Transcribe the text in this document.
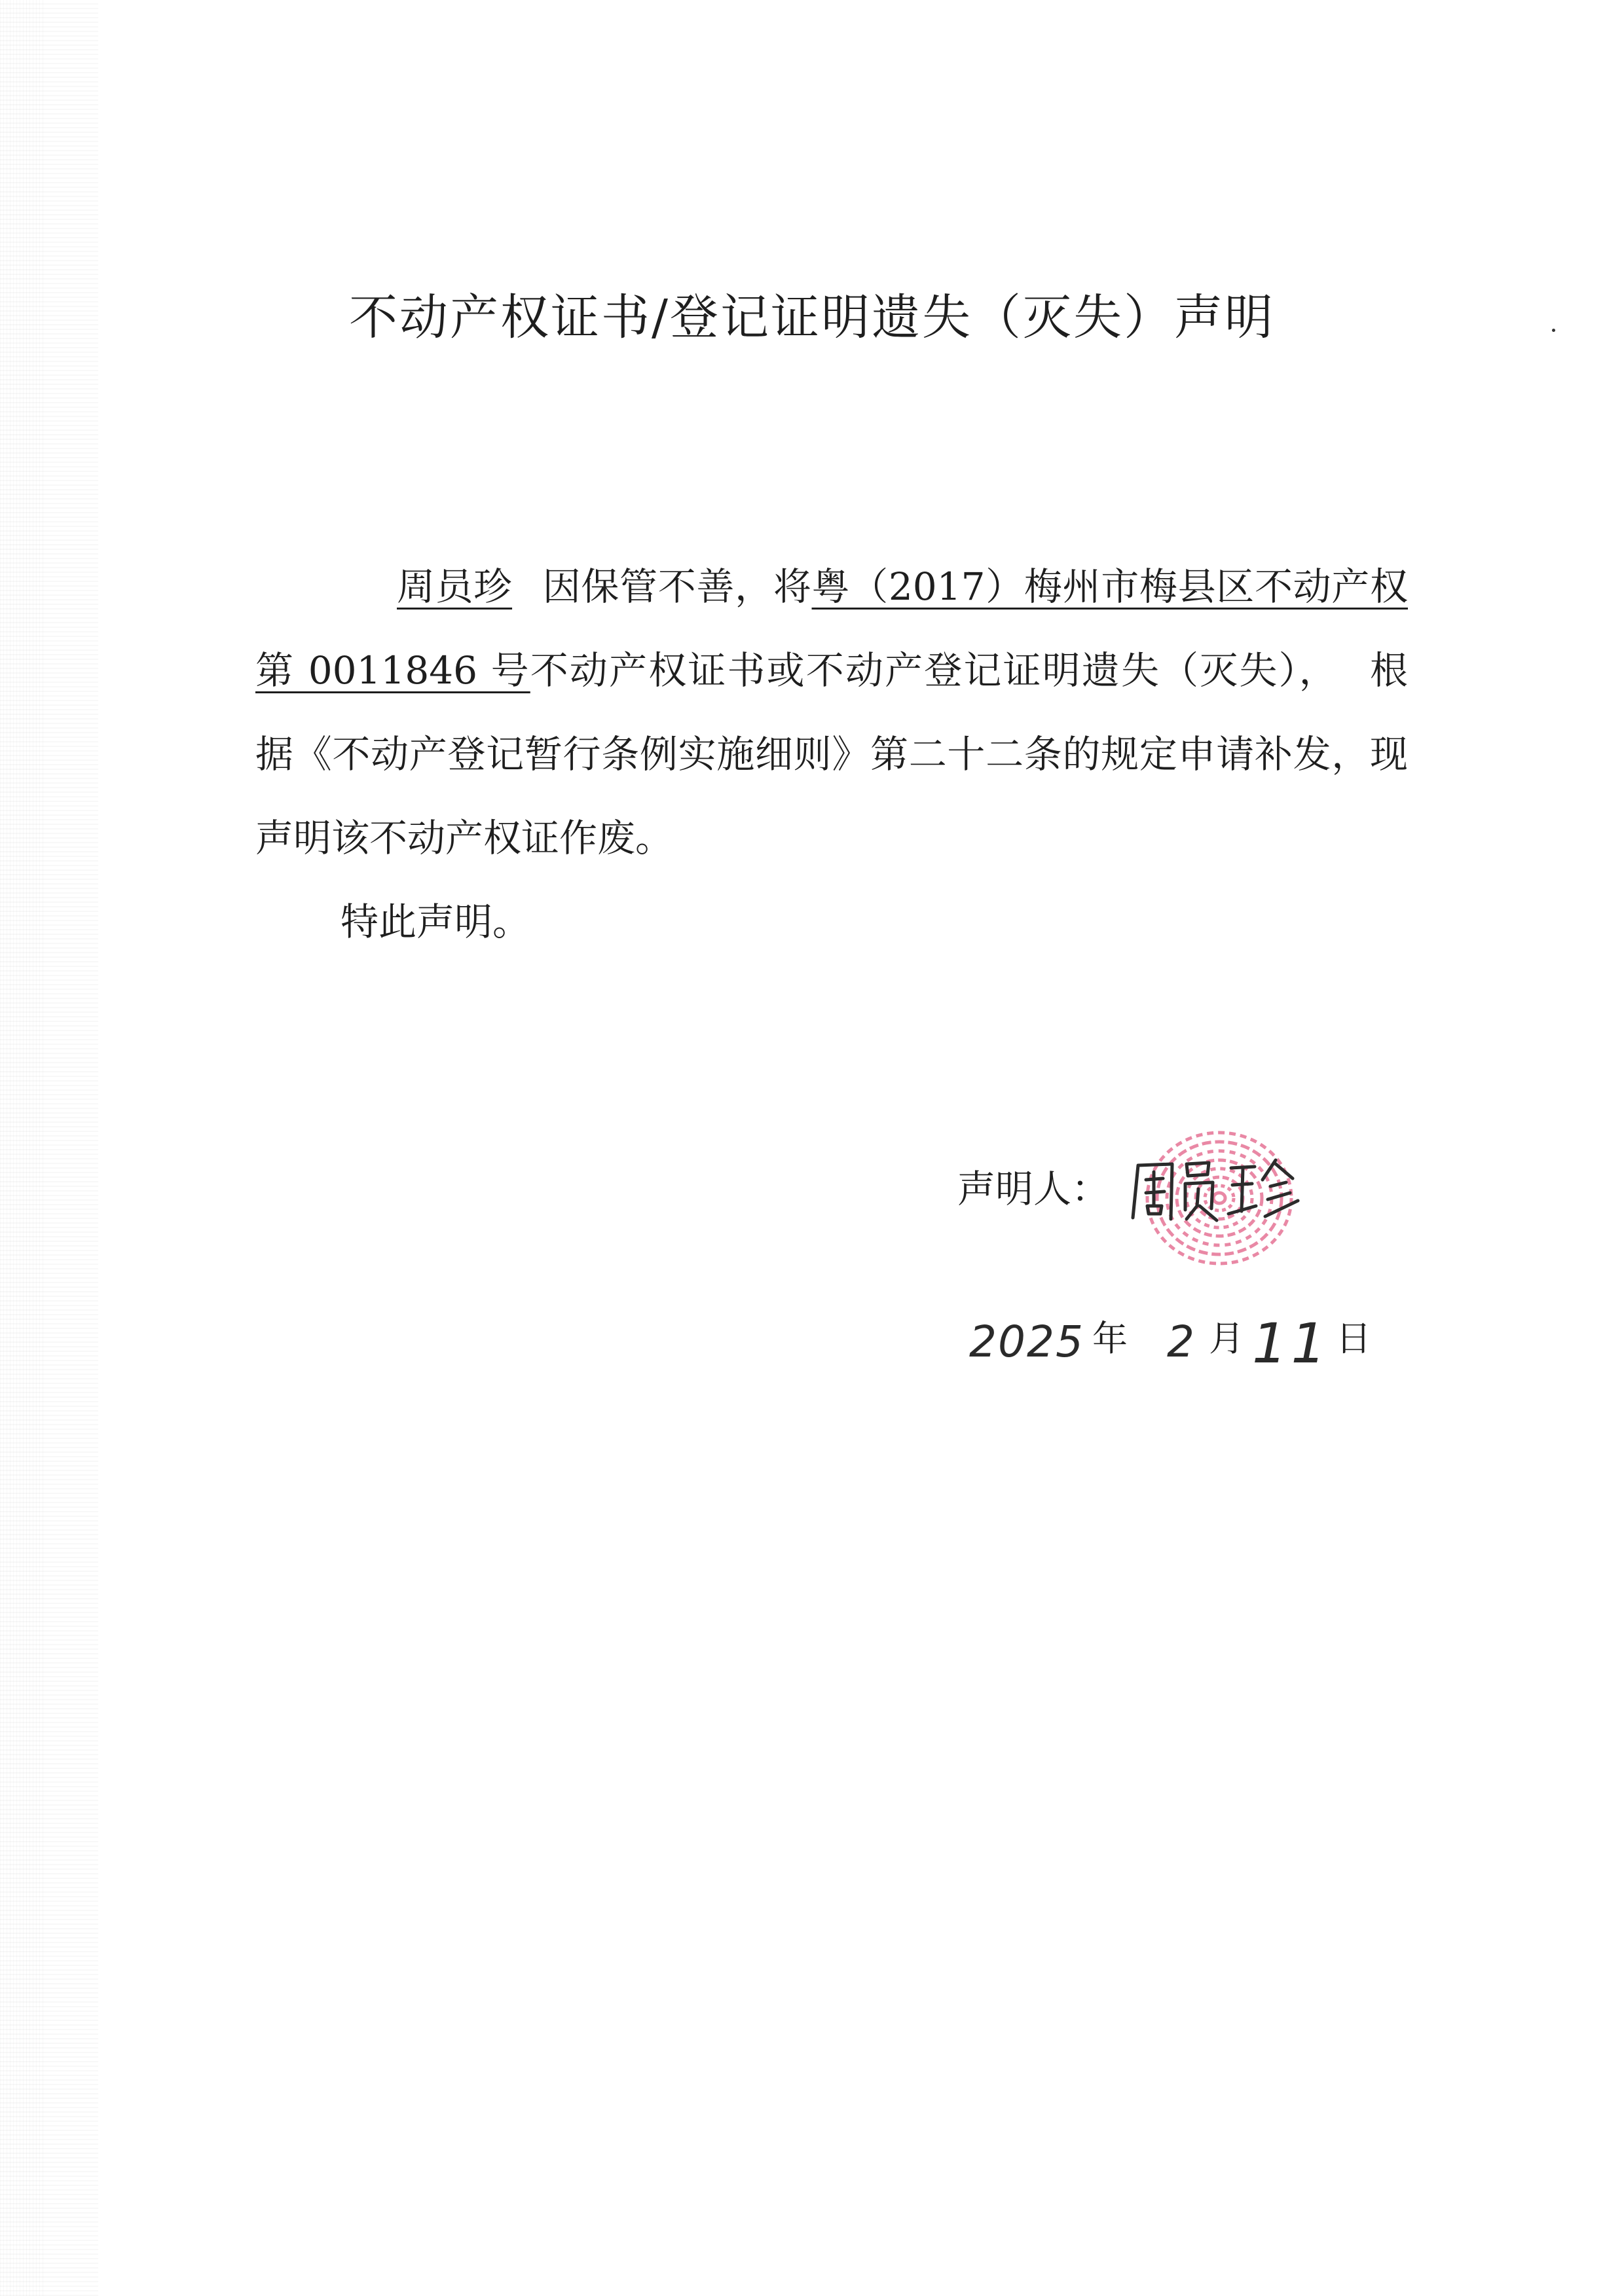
不动产权证书/登记证明遗失（灭失）声明

周员珍 因保管不善，将粤（2017）梅州市梅县区不动产权第 0011846 号不动产权证书或不动产登记证明遗失（灭失）， 根据《不动产登记暂行条例实施细则》第二十二条的规定申请补发，现声明该不动产权证作废。

特此声明。

声明人：
2025 年 2 月 11 日
